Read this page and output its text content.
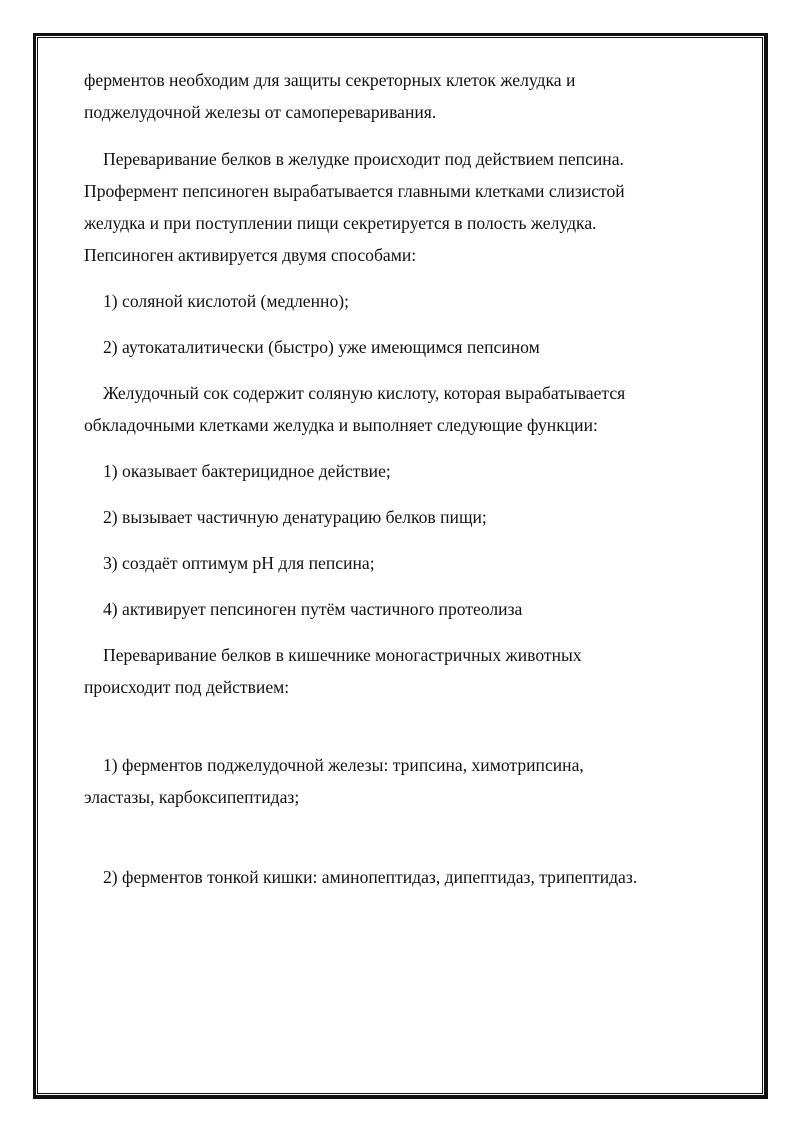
ферментов необходим для защиты секреторных клеток желудка и
поджелудочной железы от самопереваривания.

Переваривание белков в желудке происходит под действием пепсина.
Профермент пепсиноген вырабатывается главными клетками слизистой
желудка и при поступлении пищи секретируется в полость желудка.
Пепсиноген активируется двумя способами:

1) соляной кислотой (медленно);

2) аутокаталитически (быстро) уже имеющимся пепсином

Желудочный сок содержит соляную кислоту, которая вырабатывается
обкладочными клетками желудка и выполняет следующие функции:

1) оказывает бактерицидное действие;

2) вызывает частичную денатурацию белков пищи;

3) создаёт оптимум pH для пепсина;

4) активирует пепсиноген путём частичного протеолиза

Переваривание белков в кишечнике моногастричных животных
происходит под действием:

1) ферментов поджелудочной железы: трипсина, химотрипсина,
эластазы, карбоксипептидаз;

2) ферментов тонкой кишки: аминопептидаз, дипептидаз, трипептидаз.
